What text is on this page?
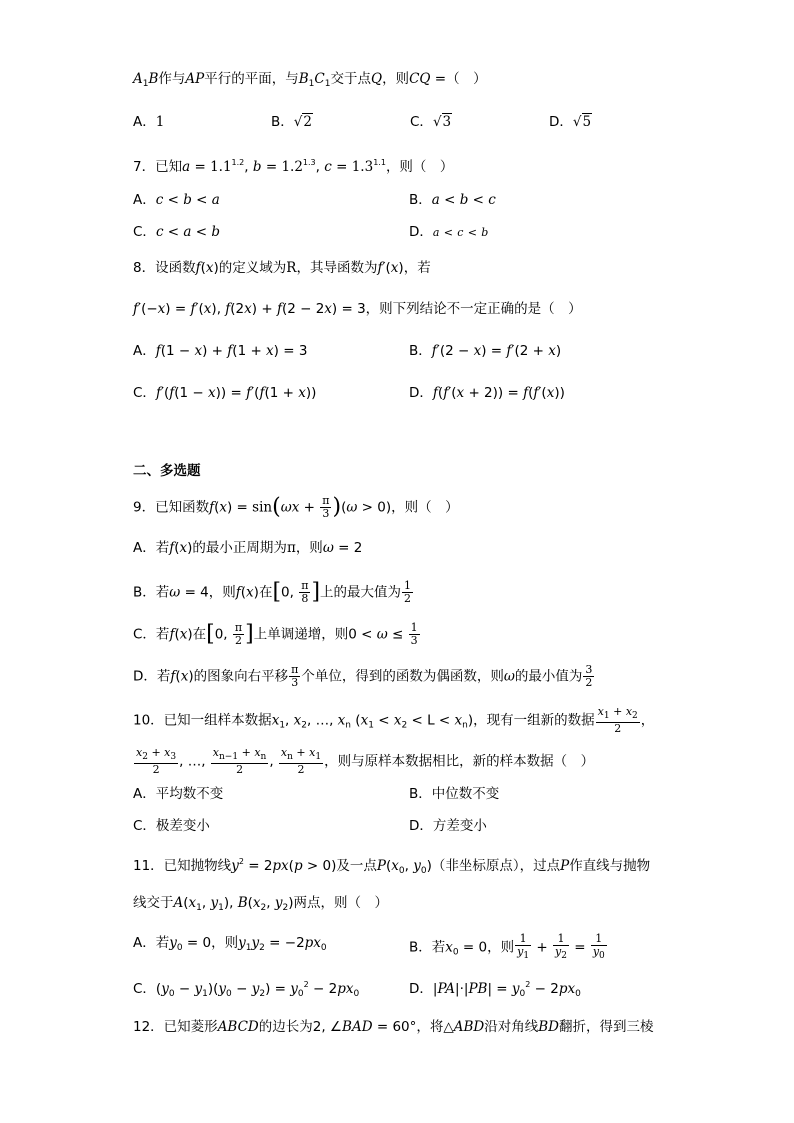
$A_1B$作与AP平行的平面，与$B_1C_1$交于点Q，则CQ =（　）
A．1	B．√2	C．√3	D．√5
7．已知$a = 1.1^{1.2}$, $b = 1.2^{1.3}$, $c = 1.3^{1.1}$，则（　）
A．c < b < a	B．a < b < c
C．c < a < b	D．a < c < b
8．设函数f(x)的定义域为R，其导函数为f′(x)，若
f′(−x) = f′(x), f(2x) + f(2 − 2x) = 3，则下列结论不一定正确的是（　）
A．f(1 − x) + f(1 + x) = 3	B．f′(2 − x) = f′(2 + x)
C．f′(f(1 − x)) = f′(f(1 + x))	D．f(f′(x + 2)) = f(f′(x))
二、多选题
9．已知函数$f(x) = \sin(\omega x + \frac{\pi}{3} )(\omega > 0)$，则（　）
A．若f(x)的最小正周期为π，则ω = 2
B．若ω = 4，则f(x)在[0, $\frac{\pi}{8}$ ]上的最大值为 $\frac{1}{2}$
C．若f(x)在[0, $\frac{\pi}{2}$ ]上单调递增，则$0 < \omega \le \frac{1}{3}$
D．若f(x)的图象向右平移 $\frac{\pi}{3}$ 个单位，得到的函数为偶函数，则ω的最小值为 $\frac{3}{2}$
10．已知一组样本数据$x_1$, $x_2$, …, $x_n$ $(x_1 < x_2 < L < x_n)$，现有一组新的数据 $\frac{x_1 + x_2}{2}$ ，
$\frac{x_2 + x_3}{2}$ , …, $\frac{x_{n-1} + x_n}{2}$ , $\frac{x_n + x_1}{2}$ ，则与原样本数据相比，新的样本数据（　）
A．平均数不变	B．中位数不变
C．极差变小	D．方差变小
11．已知抛物线$y^2 = 2px(p > 0)$及一点$P(x_0$, $y_0$)（非坐标原点），过点P作直线与抛物
线交于$A(x_1$, $y_1$), $B(x_2$, $y_2$)两点，则（　）
A．若$y_0 = 0$，则$y_1y_2 = -2px_0$	B．若$x_0 = 0$，则 $\frac{1}{y_1} + \frac{1}{y_2} = \frac{1}{y_0}$
C．$(y_0 - y_1)(y_0 - y_2) = y_0^2 - 2px_0$	D．$|PA|\cdot|PB| = y_0^2 - 2px_0$
12．已知菱形ABCD的边长为2, ∠BAD = 60°，将△ABD沿对角线BD翻折，得到三棱
